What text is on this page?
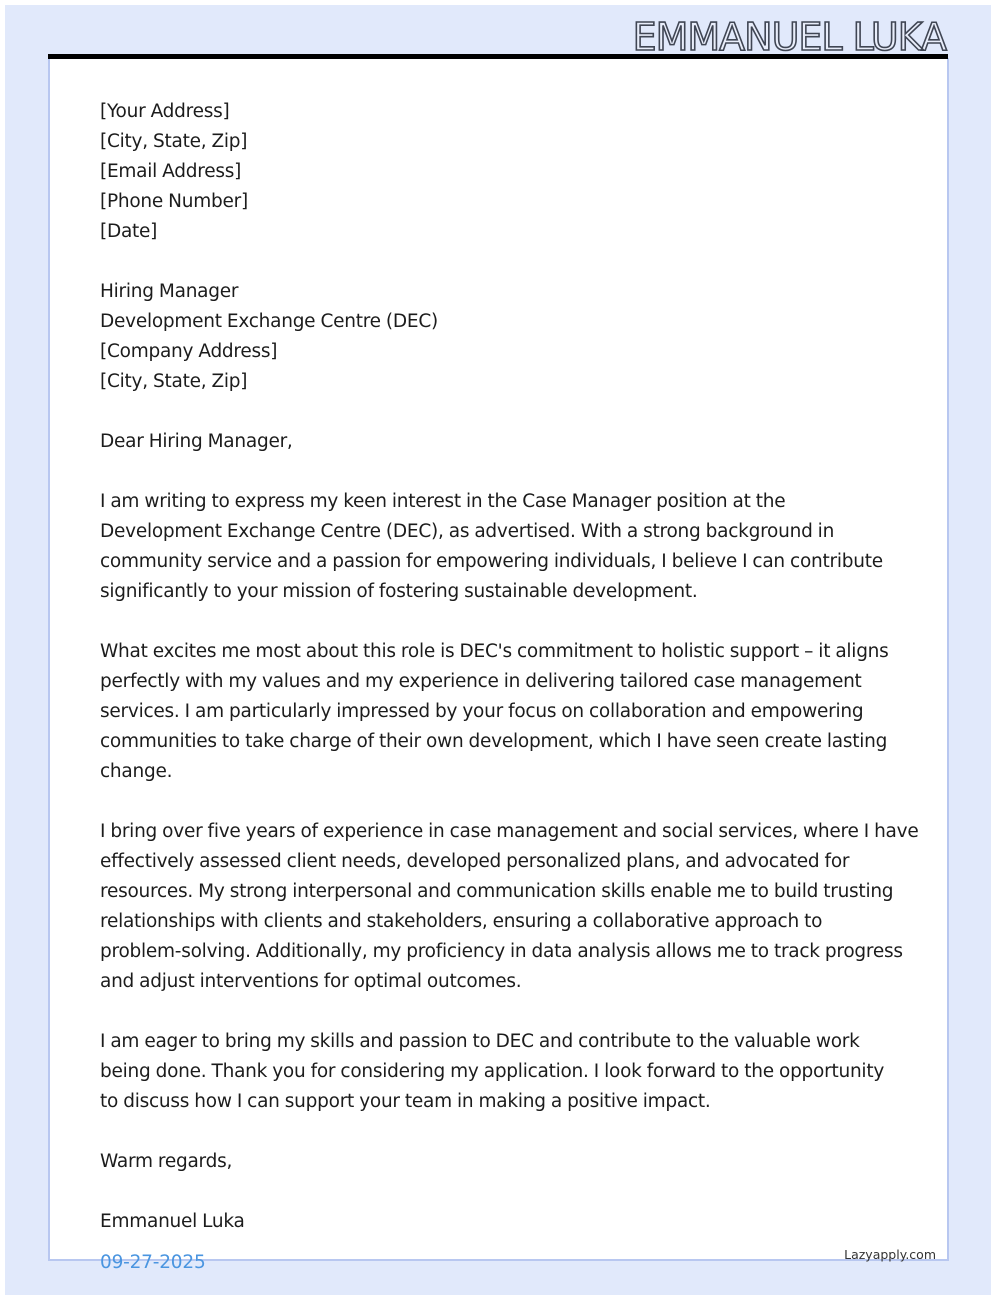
EMMANUEL LUKA
[Your Address]
[City, State, Zip]
[Email Address]
[Phone Number]
[Date]
Hiring Manager
Development Exchange Centre (DEC)
[Company Address]
[City, State, Zip]
Dear Hiring Manager,
I am writing to express my keen interest in the Case Manager position at the
Development Exchange Centre (DEC), as advertised. With a strong background in
community service and a passion for empowering individuals, I believe I can contribute
significantly to your mission of fostering sustainable development.
What excites me most about this role is DEC's commitment to holistic support – it aligns
perfectly with my values and my experience in delivering tailored case management
services. I am particularly impressed by your focus on collaboration and empowering
communities to take charge of their own development, which I have seen create lasting
change.
I bring over five years of experience in case management and social services, where I have
effectively assessed client needs, developed personalized plans, and advocated for
resources. My strong interpersonal and communication skills enable me to build trusting
relationships with clients and stakeholders, ensuring a collaborative approach to
problem-solving. Additionally, my proficiency in data analysis allows me to track progress
and adjust interventions for optimal outcomes.
I am eager to bring my skills and passion to DEC and contribute to the valuable work
being done. Thank you for considering my application. I look forward to the opportunity
to discuss how I can support your team in making a positive impact.
Warm regards,
Emmanuel Luka
09-27-2025	Lazyapply.com
